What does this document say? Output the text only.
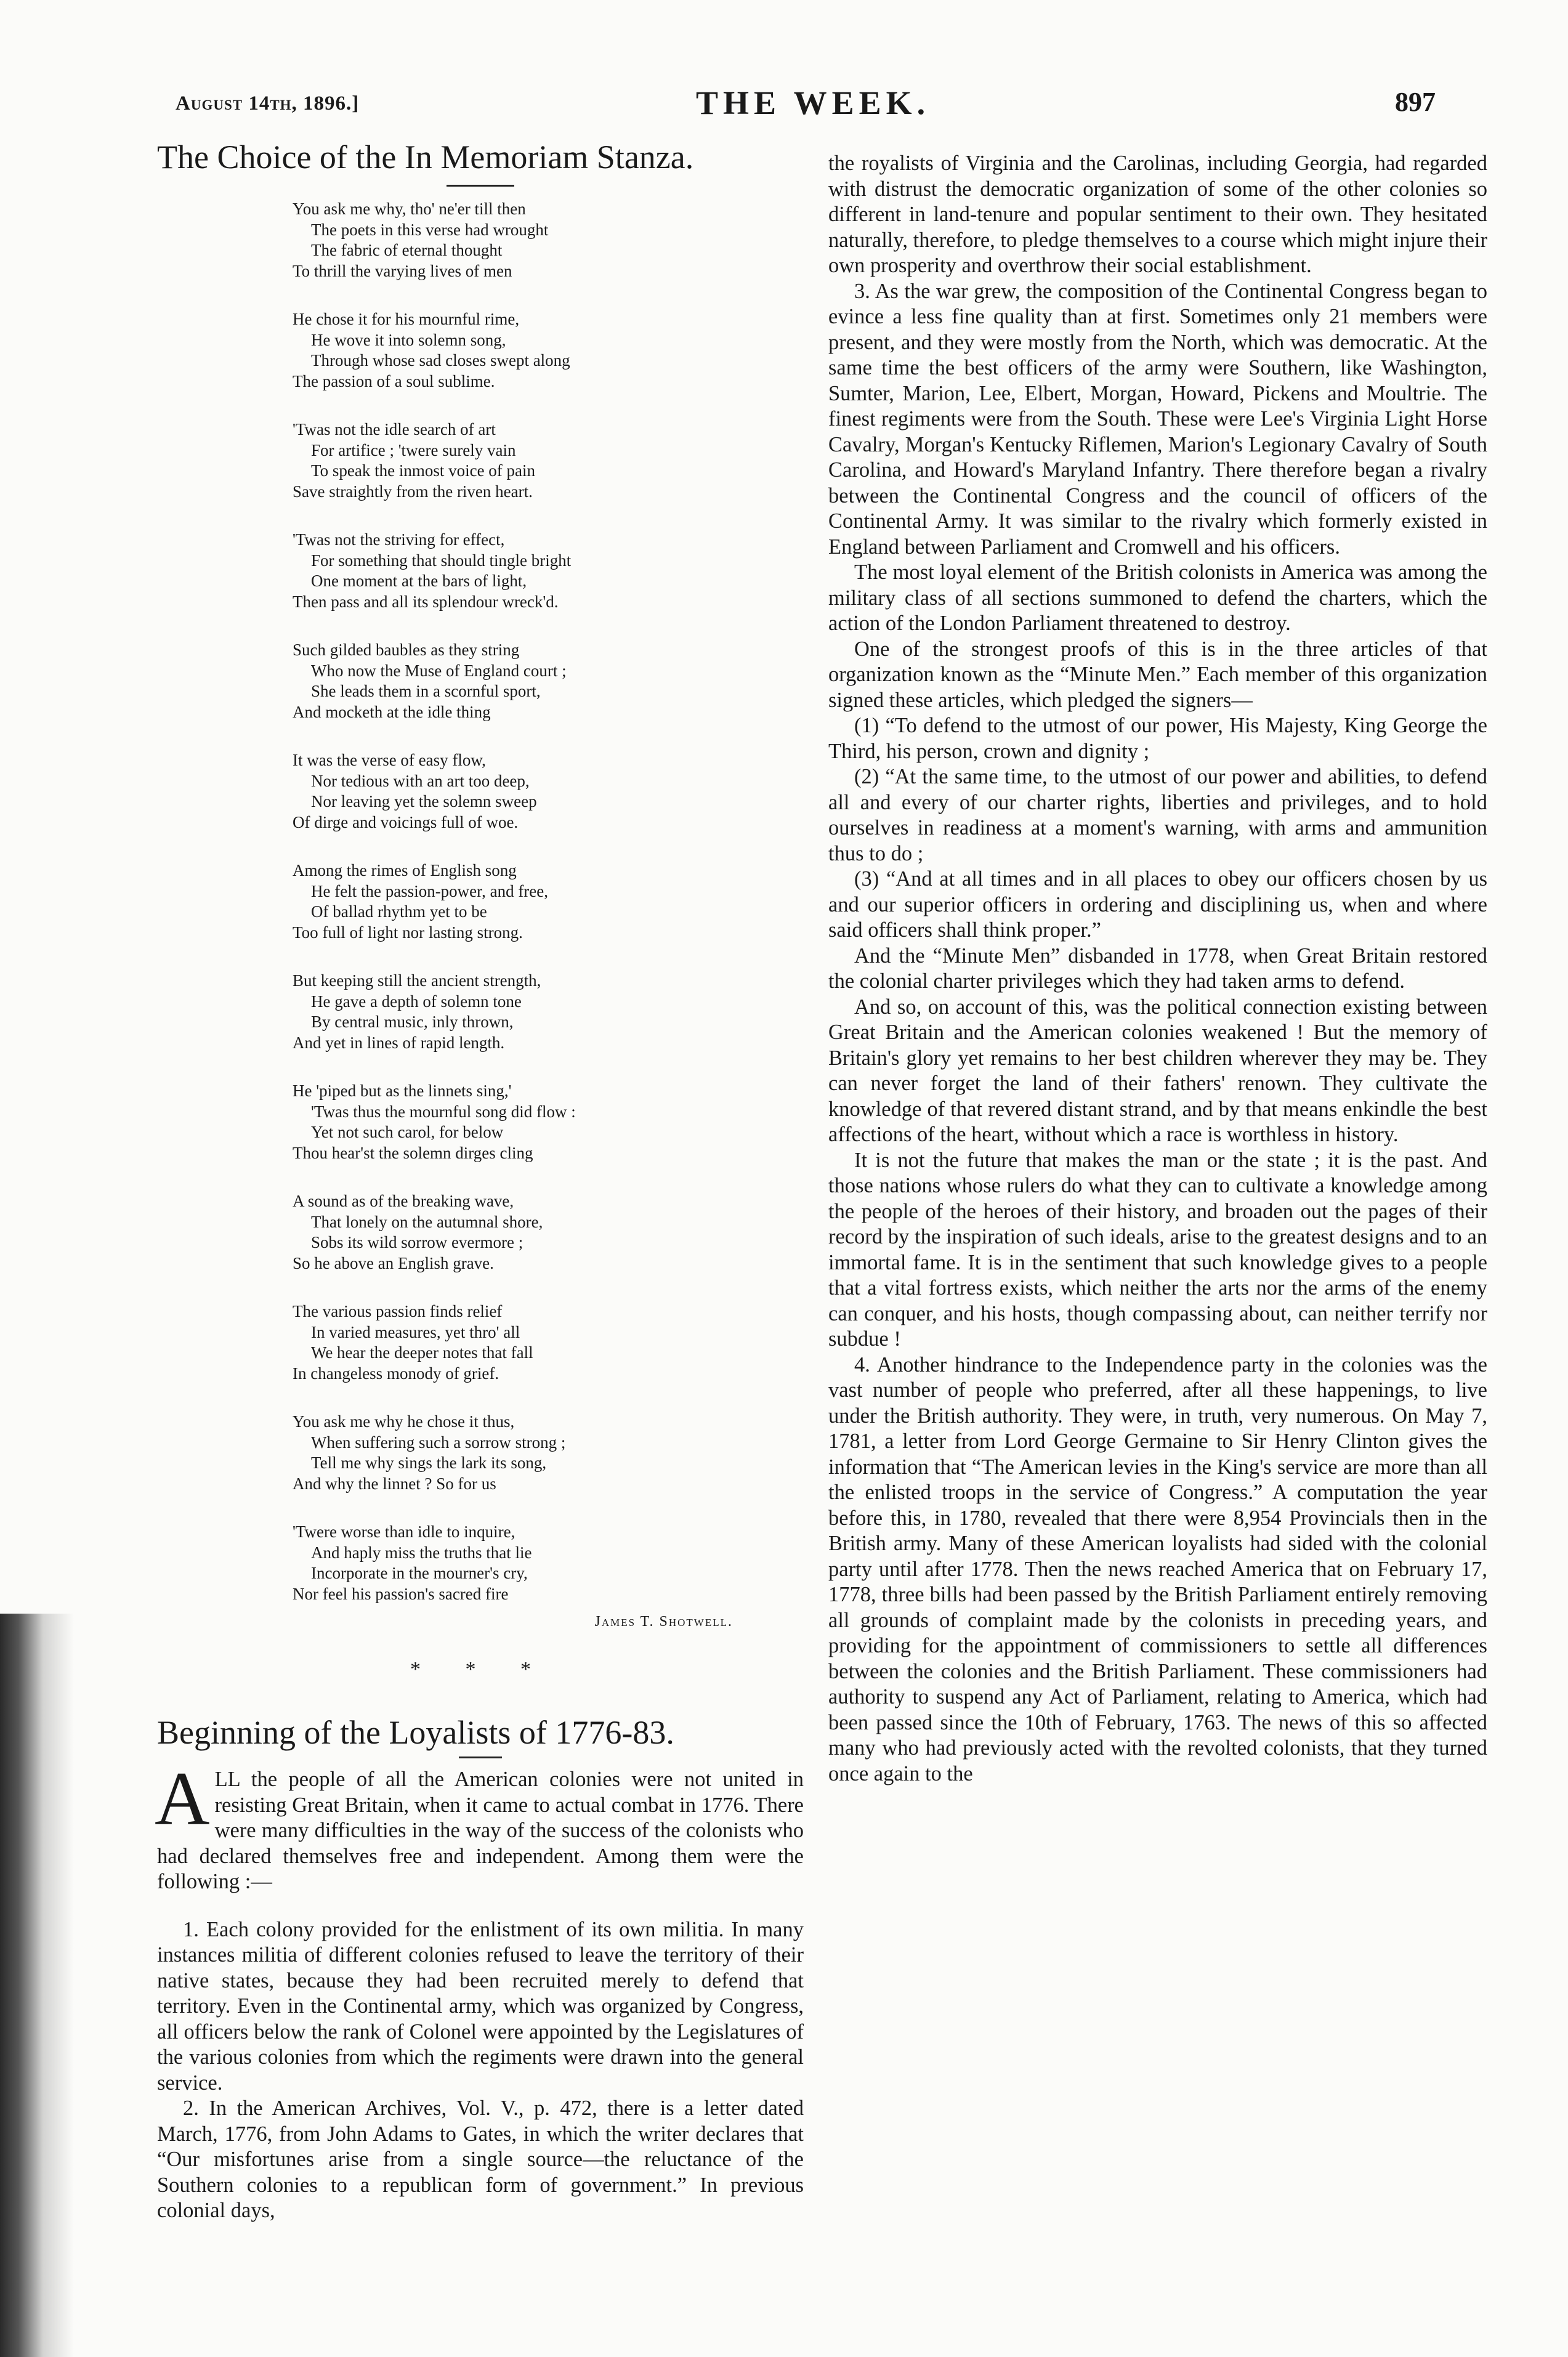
August 14th, 1896.]	THE WEEK.	897
The Choice of the In Memoriam Stanza.
You ask me why, tho' ne'er till then
The poets in this verse had wrought
The fabric of eternal thought
To thrill the varying lives of men
He chose it for his mournful rime,
He wove it into solemn song,
Through whose sad closes swept along
The passion of a soul sublime.
'Twas not the idle search of art
For artifice ; 'twere surely vain
To speak the inmost voice of pain
Save straightly from the riven heart.
'Twas not the striving for effect,
For something that should tingle bright
One moment at the bars of light,
Then pass and all its splendour wreck'd.
Such gilded baubles as they string
Who now the Muse of England court ;
She leads them in a scornful sport,
And mocketh at the idle thing
It was the verse of easy flow,
Nor tedious with an art too deep,
Nor leaving yet the solemn sweep
Of dirge and voicings full of woe.
Among the rimes of English song
He felt the passion-power, and free,
Of ballad rhythm yet to be
Too full of light nor lasting strong.
But keeping still the ancient strength,
He gave a depth of solemn tone
By central music, inly thrown,
And yet in lines of rapid length.
He 'piped but as the linnets sing,'
'Twas thus the mournful song did flow :
Yet not such carol, for below
Thou hear'st the solemn dirges cling
A sound as of the breaking wave,
That lonely on the autumnal shore,
Sobs its wild sorrow evermore ;
So he above an English grave.
The various passion finds relief
In varied measures, yet thro' all
We hear the deeper notes that fall
In changeless monody of grief.
You ask me why he chose it thus,
When suffering such a sorrow strong ;
Tell me why sings the lark its song,
And why the linnet ? So for us
'Twere worse than idle to inquire,
And haply miss the truths that lie
Incorporate in the mourner's cry,
Nor feel his passion's sacred fire
James T. Shotwell.
* * *
Beginning of the Loyalists of 1776-83.

ALL the people of all the American colonies were not united in resisting Great Britain, when it came to actual combat in 1776. There were many difficulties in the way of the success of the colonists who had declared themselves free and independent. Among them were the following :—

1. Each colony provided for the enlistment of its own militia. In many instances militia of different colonies refused to leave the territory of their native states, because they had been recruited merely to defend that territory. Even in the Continental army, which was organized by Congress, all officers below the rank of Colonel were appointed by the Legislatures of the various colonies from which the regiments were drawn into the general service.

2. In the American Archives, Vol. V., p. 472, there is a letter dated March, 1776, from John Adams to Gates, in which the writer declares that “Our misfortunes arise from a single source—the reluctance of the Southern colonies to a republican form of government.” In previous colonial days,

the royalists of Virginia and the Carolinas, including Georgia, had regarded with distrust the democratic organization of some of the other colonies so different in land-tenure and popular sentiment to their own. They hesitated naturally, therefore, to pledge themselves to a course which might injure their own prosperity and overthrow their social establishment.

3. As the war grew, the composition of the Continental Congress began to evince a less fine quality than at first. Sometimes only 21 members were present, and they were mostly from the North, which was democratic. At the same time the best officers of the army were Southern, like Washington, Sumter, Marion, Lee, Elbert, Morgan, Howard, Pickens and Moultrie. The finest regiments were from the South. These were Lee's Virginia Light Horse Cavalry, Morgan's Kentucky Riflemen, Marion's Legionary Cavalry of South Carolina, and Howard's Maryland Infantry. There therefore began a rivalry between the Continental Congress and the council of officers of the Continental Army. It was similar to the rivalry which formerly existed in England between Parliament and Cromwell and his officers.

The most loyal element of the British colonists in America was among the military class of all sections summoned to defend the charters, which the action of the London Parliament threatened to destroy.

One of the strongest proofs of this is in the three articles of that organization known as the “Minute Men.” Each member of this organization signed these articles, which pledged the signers—

(1) “To defend to the utmost of our power, His Majesty, King George the Third, his person, crown and dignity ;

(2) “At the same time, to the utmost of our power and abilities, to defend all and every of our charter rights, liberties and privileges, and to hold ourselves in readiness at a moment's warning, with arms and ammunition thus to do ;

(3) “And at all times and in all places to obey our officers chosen by us and our superior officers in ordering and disciplining us, when and where said officers shall think proper.”

And the “Minute Men” disbanded in 1778, when Great Britain restored the colonial charter privileges which they had taken arms to defend.

And so, on account of this, was the political connection existing between Great Britain and the American colonies weakened ! But the memory of Britain's glory yet remains to her best children wherever they may be. They can never forget the land of their fathers' renown. They cultivate the knowledge of that revered distant strand, and by that means enkindle the best affections of the heart, without which a race is worthless in history.

It is not the future that makes the man or the state ; it is the past. And those nations whose rulers do what they can to cultivate a knowledge among the people of the heroes of their history, and broaden out the pages of their record by the inspiration of such ideals, arise to the greatest designs and to an immortal fame. It is in the sentiment that such knowledge gives to a people that a vital fortress exists, which neither the arts nor the arms of the enemy can conquer, and his hosts, though compassing about, can neither terrify nor subdue !

4. Another hindrance to the Independence party in the colonies was the vast number of people who preferred, after all these happenings, to live under the British authority. They were, in truth, very numerous. On May 7, 1781, a letter from Lord George Germaine to Sir Henry Clinton gives the information that “The American levies in the King's service are more than all the enlisted troops in the service of Congress.” A computation the year before this, in 1780, revealed that there were 8,954 Provincials then in the British army. Many of these American loyalists had sided with the colonial party until after 1778. Then the news reached America that on February 17, 1778, three bills had been passed by the British Parliament entirely removing all grounds of complaint made by the colonists in preceding years, and providing for the appointment of commissioners to settle all differences between the colonies and the British Parliament. These commissioners had authority to suspend any Act of Parliament, relating to America, which had been passed since the 10th of February, 1763. The news of this so affected many who had previously acted with the revolted colonists, that they turned once again to the
